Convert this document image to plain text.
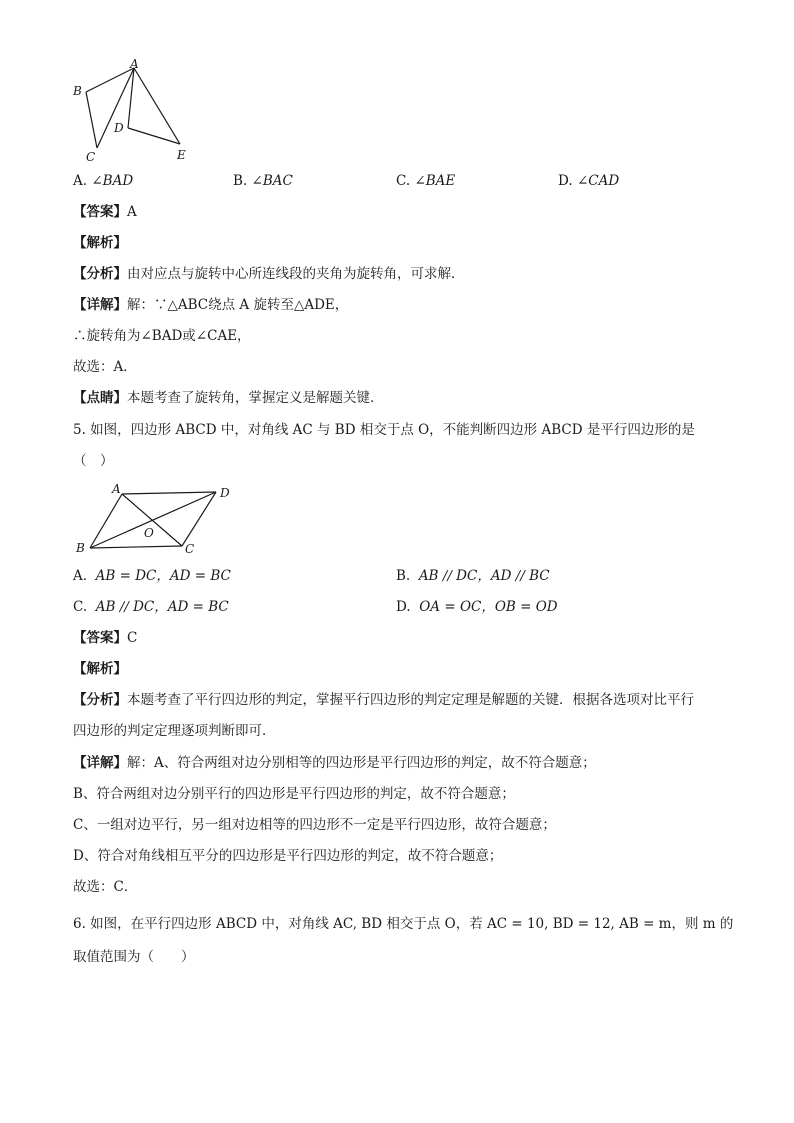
A
B
C
D
E
A. ∠BAD	B. ∠BAC	C. ∠BAE	D. ∠CAD
【答案】A
【解析】
【分析】由对应点与旋转中心所连线段的夹角为旋转角，可求解．
【详解】解：∵△ABC绕点 A 旋转至△ADE，
∴旋转角为∠BAD或∠CAE，
故选：A．
【点睛】本题考查了旋转角，掌握定义是解题关键．
5. 如图，四边形 ABCD 中，对角线 AC 与 BD 相交于点 O，不能判断四边形 ABCD 是平行四边形的是
（　）
A	D
O
B	C
A. AB = DC，AD = BC	B. AB ∕∕ DC，AD ∕∕ BC
C. AB ∕∕ DC，AD = BC	D. OA = OC，OB = OD
【答案】C
【解析】
【分析】本题考查了平行四边形的判定，掌握平行四边形的判定定理是解题的关键．根据各选项对比平行
四边形的判定定理逐项判断即可．
【详解】解：A、符合两组对边分别相等的四边形是平行四边形的判定，故不符合题意；
B、符合两组对边分别平行的四边形是平行四边形的判定，故不符合题意；
C、一组对边平行，另一组对边相等的四边形不一定是平行四边形，故符合题意；
D、符合对角线相互平分的四边形是平行四边形的判定，故不符合题意；
故选：C．
6. 如图，在平行四边形 ABCD 中，对角线 AC, BD 相交于点 O，若 AC = 10, BD = 12, AB = m，则 m 的
取值范围为（　　）
